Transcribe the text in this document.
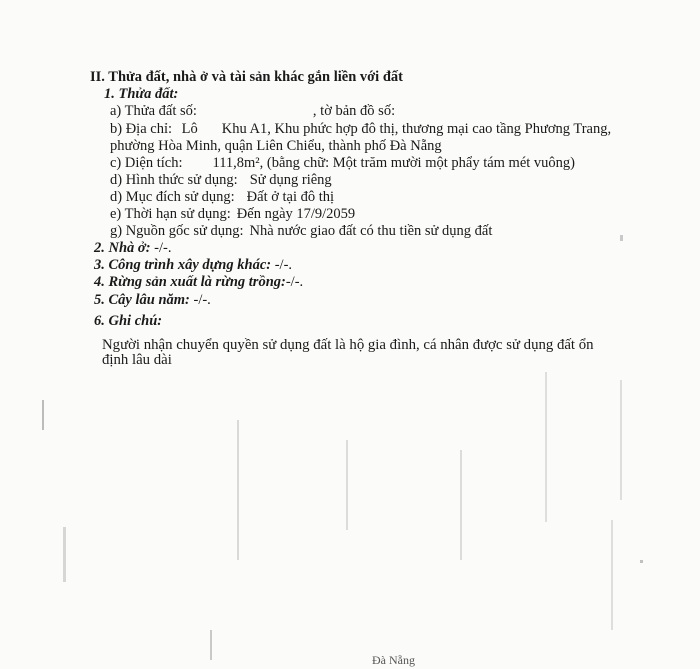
II. Thửa đất, nhà ở và tài sản khác gắn liền với đất
1. Thửa đất:
a) Thửa đất số:	, tờ bản đồ số:
b) Địa chỉ: Lô Khu A1, Khu phức hợp đô thị, thương mại cao tầng Phương Trang,
phường Hòa Minh, quận Liên Chiểu, thành phố Đà Nẵng
c) Diện tích: 111,8m², (bằng chữ: Một trăm mười một phẩy tám mét vuông)
d) Hình thức sử dụng: Sử dụng riêng
d) Mục đích sử dụng: Đất ở tại đô thị
e) Thời hạn sử dụng: Đến ngày 17/9/2059
g) Nguồn gốc sử dụng: Nhà nước giao đất có thu tiền sử dụng đất
2. Nhà ở: -/-.
3. Công trình xây dựng khác: -/-.
4. Rừng sản xuất là rừng trồng:-/-.
5. Cây lâu năm: -/-.
6. Ghi chú:
Người nhận chuyển quyền sử dụng đất là hộ gia đình, cá nhân được sử dụng đất ổn
định lâu dài
Đà Nẵng
